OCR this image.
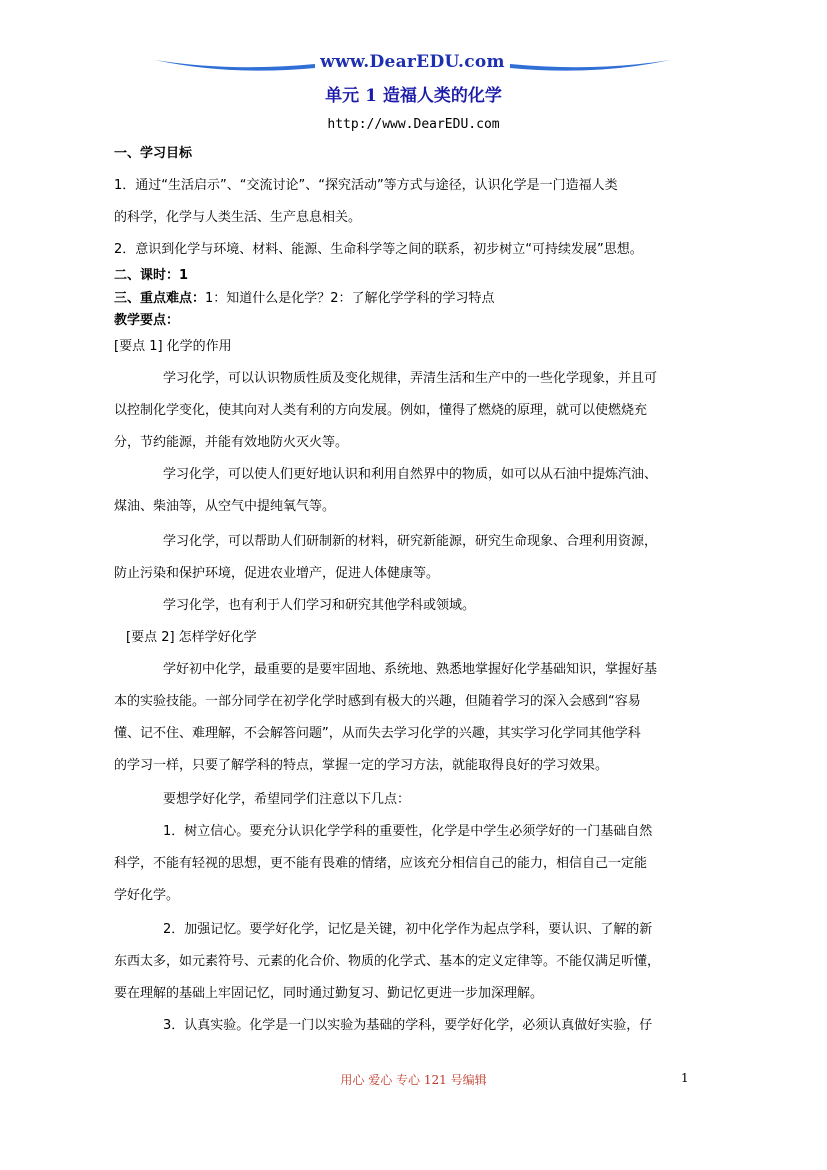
www.DearEDU.com
单元 1 造福人类的化学
http://www.DearEDU.com
一、学习目标
1．通过“生活启示”、“交流讨论”、“探究活动”等方式与途径，认识化学是一门造福人类
的科学，化学与人类生活、生产息息相关。
2．意识到化学与环境、材料、能源、生命科学等之间的联系，初步树立“可持续发展”思想。
二、课时：1
三、重点难点：1：知道什么是化学？2：了解化学学科的学习特点
教学要点：
[要点 1] 化学的作用
学习化学，可以认识物质性质及变化规律，弄清生活和生产中的一些化学现象，并且可
以控制化学变化，使其向对人类有利的方向发展。例如，懂得了燃烧的原理，就可以使燃烧充
分，节约能源，并能有效地防火灭火等。
学习化学，可以使人们更好地认识和利用自然界中的物质，如可以从石油中提炼汽油、
煤油、柴油等，从空气中提纯氧气等。
学习化学，可以帮助人们研制新的材料，研究新能源，研究生命现象、合理利用资源，
防止污染和保护环境，促进农业增产，促进人体健康等。
学习化学，也有利于人们学习和研究其他学科或领域。
[要点 2] 怎样学好化学
学好初中化学，最重要的是要牢固地、系统地、熟悉地掌握好化学基础知识，掌握好基
本的实验技能。一部分同学在初学化学时感到有极大的兴趣，但随着学习的深入会感到“容易
懂、记不住、难理解，不会解答问题”，从而失去学习化学的兴趣，其实学习化学同其他学科
的学习一样，只要了解学科的特点，掌握一定的学习方法，就能取得良好的学习效果。
要想学好化学，希望同学们注意以下几点：
1．树立信心。要充分认识化学学科的重要性，化学是中学生必须学好的一门基础自然
科学，不能有轻视的思想，更不能有畏难的情绪，应该充分相信自己的能力，相信自己一定能
学好化学。
2．加强记忆。要学好化学，记忆是关键，初中化学作为起点学科，要认识、了解的新
东西太多，如元素符号、元素的化合价、物质的化学式、基本的定义定律等。不能仅满足听懂，
要在理解的基础上牢固记忆，同时通过勤复习、勤记忆更进一步加深理解。
3．认真实验。化学是一门以实验为基础的学科，要学好化学，必须认真做好实验，仔
用心 爱心 专心 121 号编辑	1
